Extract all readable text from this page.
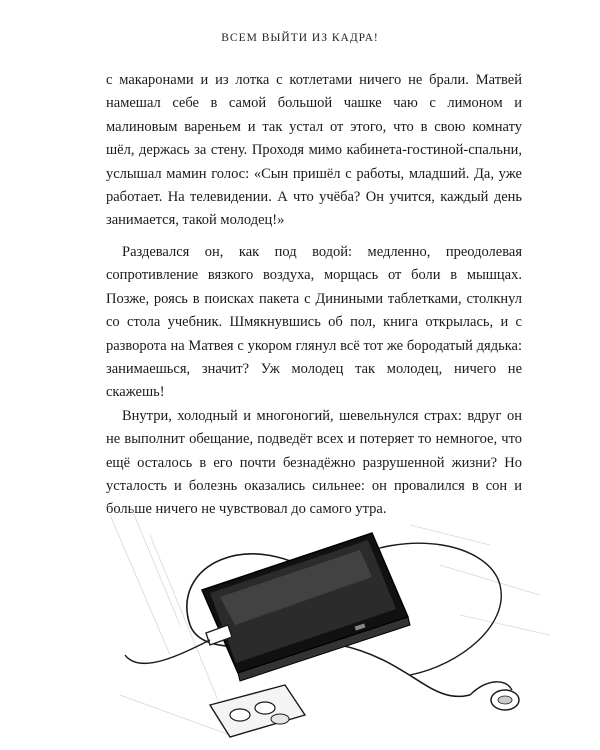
ВСЕМ ВЫЙТИ ИЗ КАДРА!

с макаронами и из лотка с котлетами ничего не брали. Матвей намешал себе в самой большой чашке чаю с лимоном и малиновым вареньем и так устал от этого, что в свою комнату шёл, держась за стену. Проходя мимо кабинета-гостиной-спальни, услышал мамин голос: «Сын пришёл с работы, младший. Да, уже работает. На телевидении. А что учёба? Он учится, каждый день занимается, такой молодец!»

Раздевался он, как под водой: медленно, преодолевая сопротивление вязкого воздуха, морщась от боли в мышцах. Позже, роясь в поисках пакета с Диниными таблетками, столкнул со стола учебник. Шмякнувшись об пол, книга открылась, и с разворота на Матвея с укором глянул всё тот же бородатый дядька: занимаешься, значит? Уж молодец так молодец, ничего не скажешь!

Внутри, холодный и многоногий, шевельнулся страх: вдруг он не выполнит обещание, подведёт всех и потеряет то немногое, что ещё осталось в его почти безнадёжно разрушенной жизни? Но усталость и болезнь оказались сильнее: он провалился в сон и больше ничего не чувствовал до самого утра.
